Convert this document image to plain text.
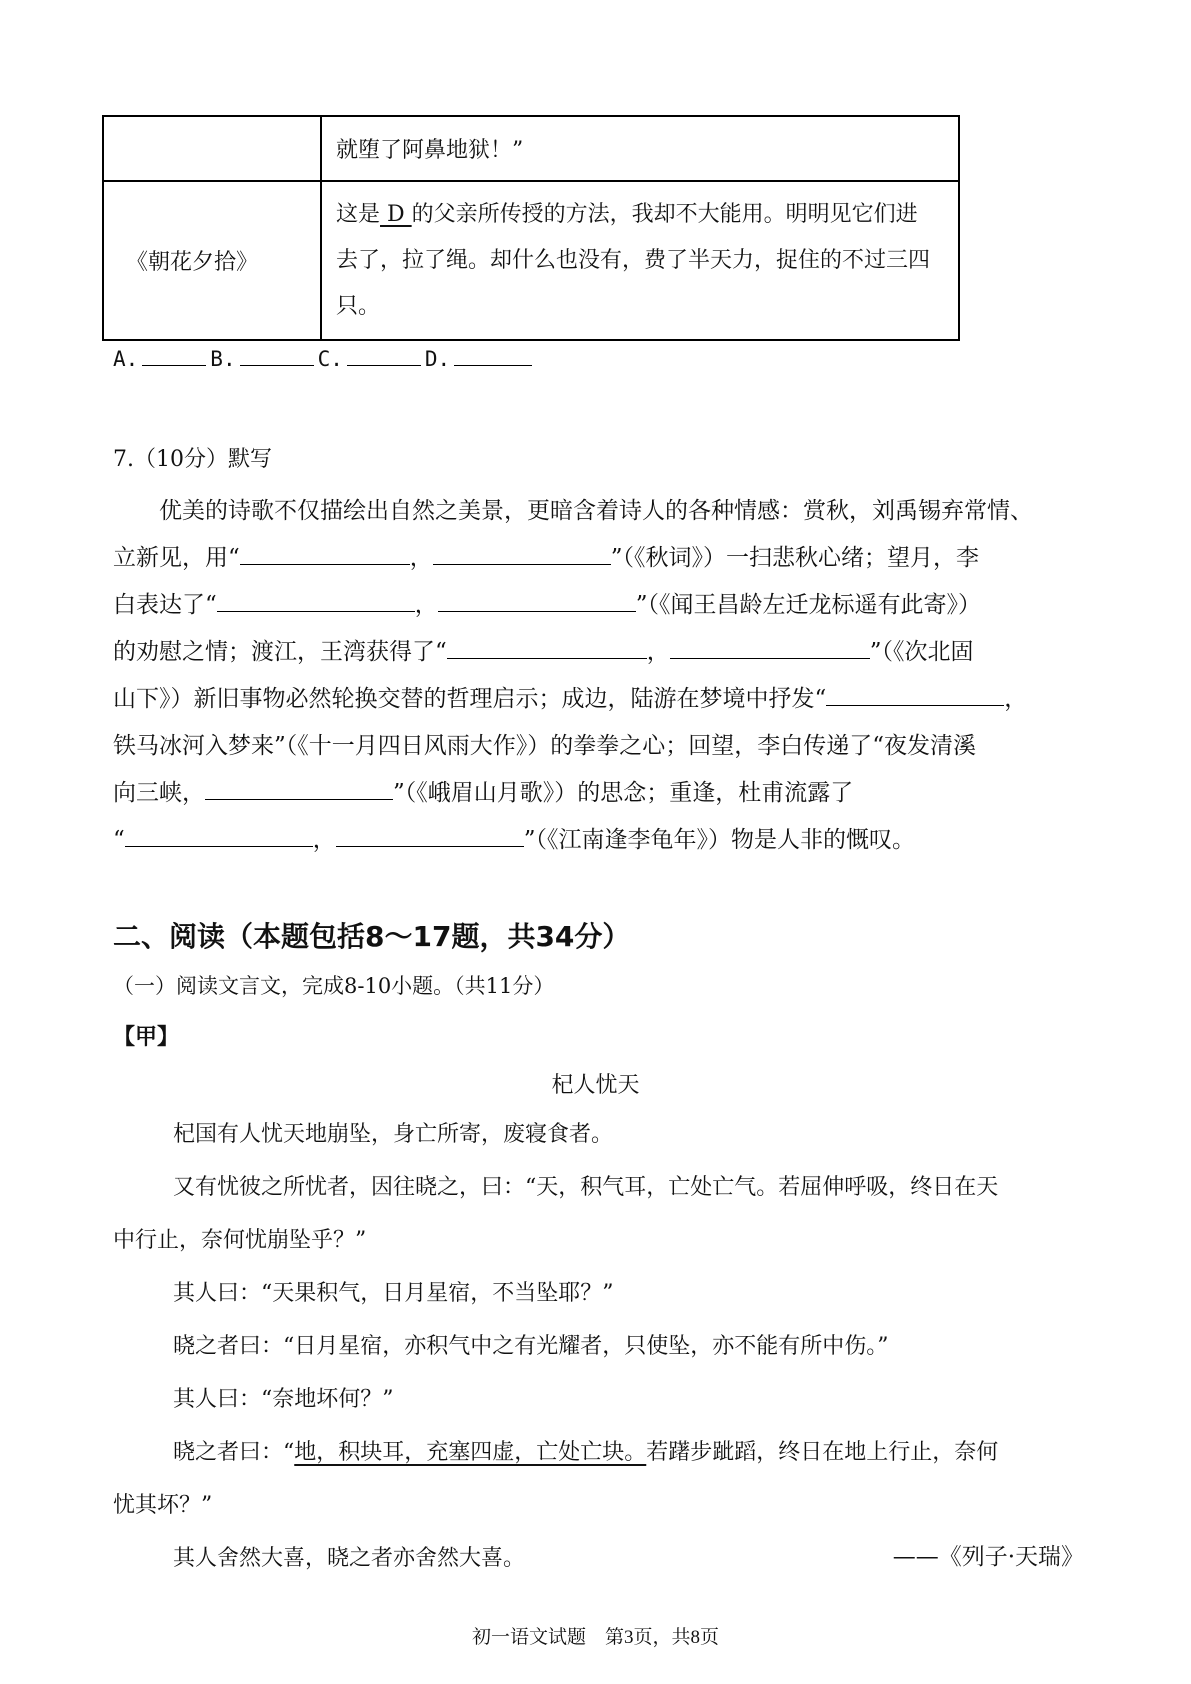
	就堕了阿鼻地狱！”
《朝花夕拾》	这是 D 的父亲所传授的方法，我却不大能用。明明见它们进
去了，拉了绳。却什么也没有，费了半天力，捉住的不过三四
只。
A.	B.	C.	D.
7.（10分）默写
优美的诗歌不仅描绘出自然之美景，更暗含着诗人的各种情感：赏秋，刘禹锡弃常情、
立新见，用“	，	”（《秋词》）一扫悲秋心绪；望月，李
白表达了“	，	”（《闻王昌龄左迁龙标遥有此寄》）
的劝慰之情；渡江，王湾获得了“	，	”（《次北固
山下》）新旧事物必然轮换交替的哲理启示；成边，陆游在梦境中抒发“	，
铁马冰河入梦来”（《十一月四日风雨大作》）的拳拳之心；回望，李白传递了“夜发清溪
向三峡，	”（《峨眉山月歌》）的思念；重逢，杜甫流露了
“	，	”（《江南逢李龟年》）物是人非的慨叹。
二、阅读（本题包括8～17题，共34分）
（一）阅读文言文，完成8-10小题。（共11分）
【甲】
杞人忧天

杞国有人忧天地崩坠，身亡所寄，废寝食者。

又有忧彼之所忧者，因往晓之，曰：“天，积气耳，亡处亡气。若屈伸呼吸，终日在天

中行止，奈何忧崩坠乎？”

其人曰：“天果积气，日月星宿，不当坠耶？”

晓之者曰：“日月星宿，亦积气中之有光耀者，只使坠，亦不能有所中伤。”

其人曰：“奈地坏何？”

晓之者曰：“地，积块耳，充塞四虚，亡处亡块。若躇步跐蹈，终日在地上行止，奈何

忧其坏？”

其人舍然大喜，晓之者亦舍然大喜。	——《列子·天瑞》
初一语文试题　第3页，共8页
